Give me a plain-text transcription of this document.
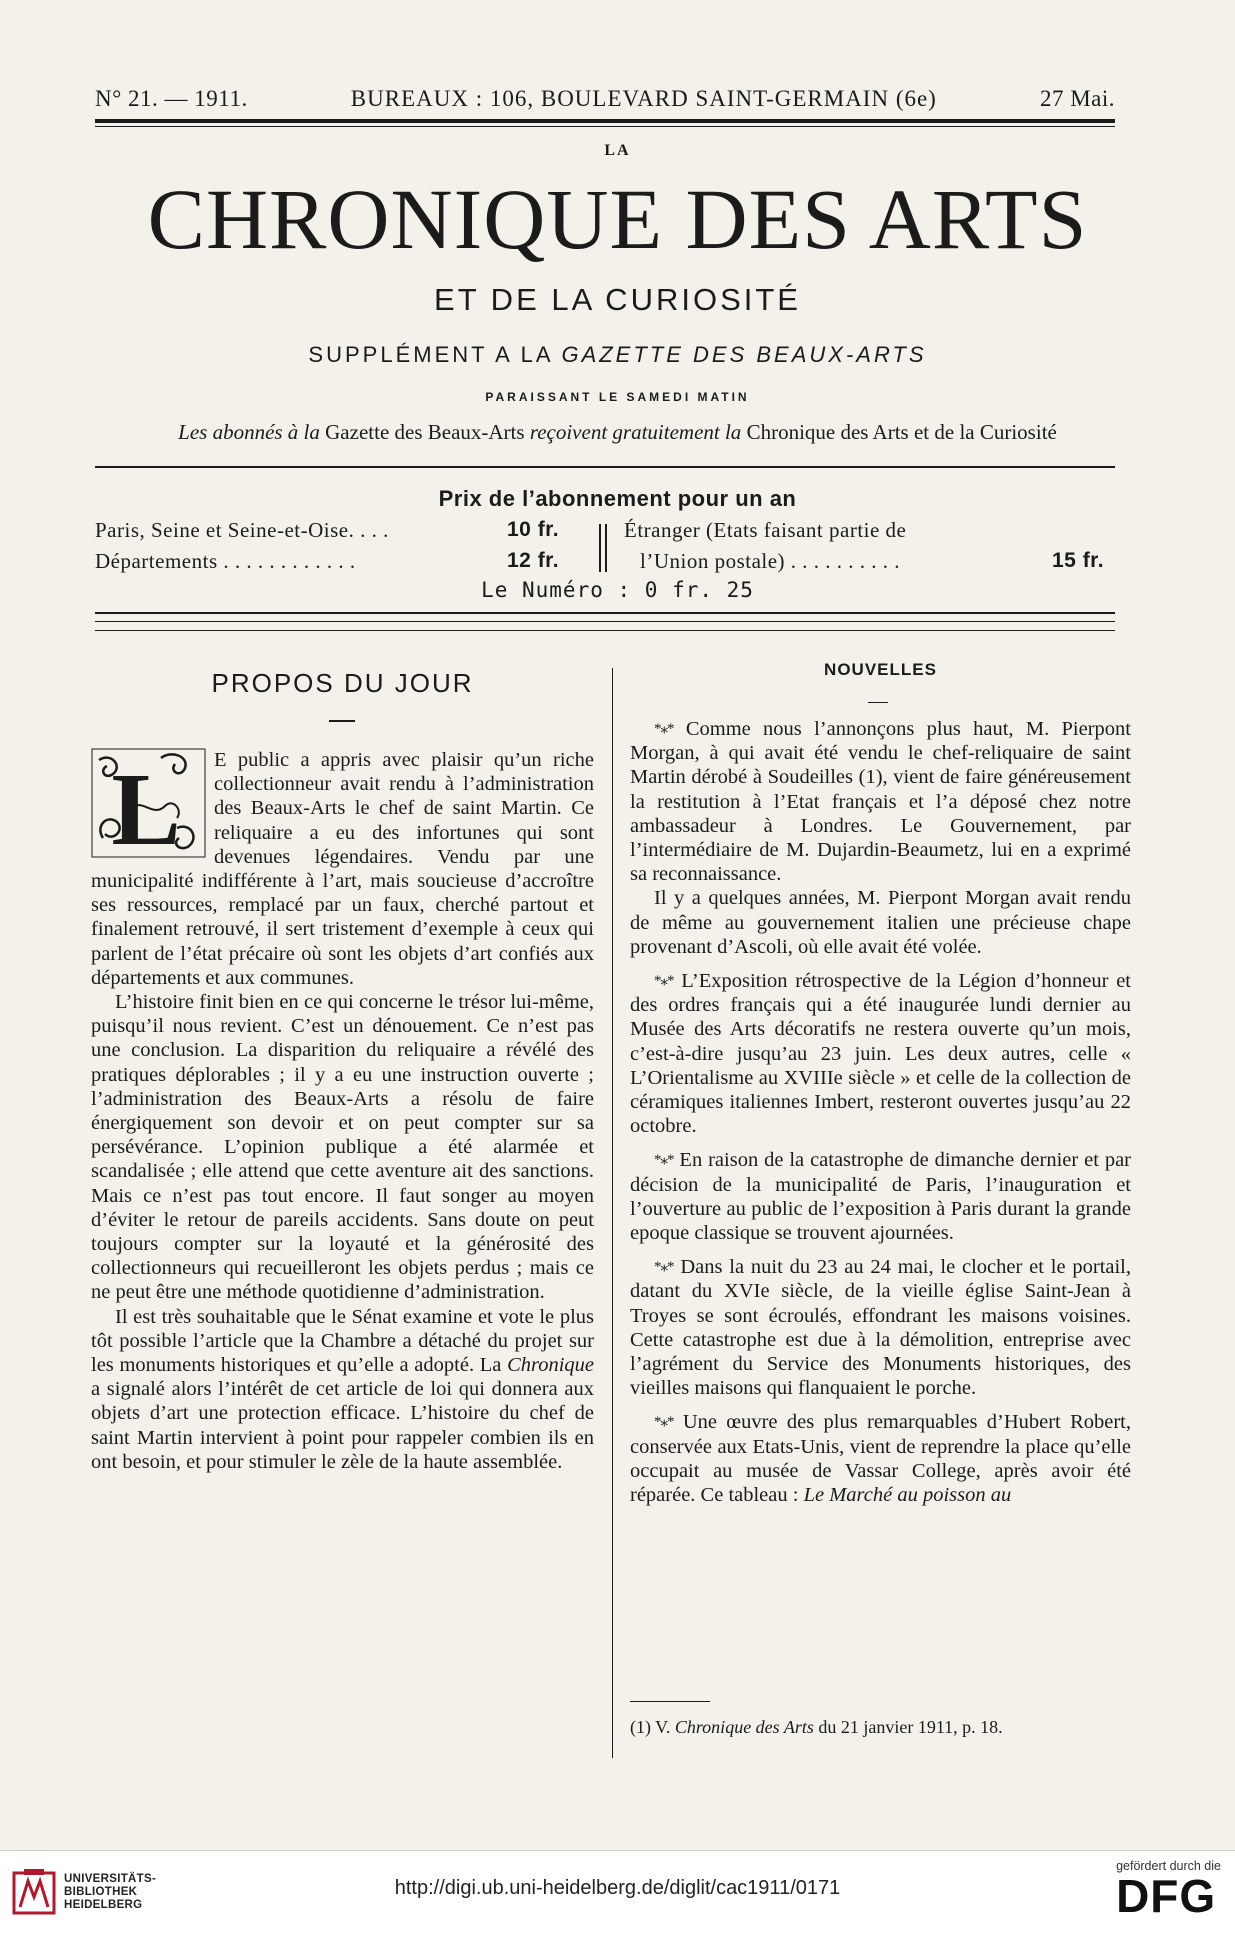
N° 21. — 1911.	BUREAUX : 106, BOULEVARD SAINT-GERMAIN (6e)	27 Mai.
LA
CHRONIQUE DES ARTS
ET DE LA CURIOSITÉ
SUPPLÉMENT A LA GAZETTE DES BEAUX-ARTS
PARAISSANT LE SAMEDI MATIN
Les abonnés à la Gazette des Beaux-Arts reçoivent gratuitement la Chronique des Arts et de la Curiosité
Prix de l’abonnement pour un an
Paris, Seine et Seine-et-Oise. . . .	10 fr.
Départements . . . . . . . . . . . .	12 fr.
Étranger (Etats faisant partie de
l’Union postale) . . . . . . . . . .	15 fr.
Le Numéro : 0 fr. 25
PROPOS DU JOUR

L E public a appris avec plaisir qu’un riche collectionneur avait rendu à l’administration des Beaux-Arts le chef de saint Martin. Ce reliquaire a eu des infortunes qui sont devenues légendaires. Vendu par une municipalité indifférente à l’art, mais soucieuse d’accroître ses ressources, remplacé par un faux, cherché partout et finalement retrouvé, il sert tristement d’exemple à ceux qui parlent de l’état précaire où sont les objets d’art confiés aux départements et aux communes.

L’histoire finit bien en ce qui concerne le trésor lui-même, puisqu’il nous revient. C’est un dénouement. Ce n’est pas une conclusion. La disparition du reliquaire a révélé des pratiques déplorables ; il y a eu une instruction ouverte ; l’administration des Beaux-Arts a résolu de faire énergiquement son devoir et on peut compter sur sa persévérance. L’opinion publique a été alarmée et scandalisée ; elle attend que cette aventure ait des sanctions. Mais ce n’est pas tout encore. Il faut songer au moyen d’éviter le retour de pareils accidents. Sans doute on peut toujours compter sur la loyauté et la générosité des collectionneurs qui recueilleront les objets perdus ; mais ce ne peut être une méthode quotidienne d’administration.

Il est très souhaitable que le Sénat examine et vote le plus tôt possible l’article que la Chambre a détaché du projet sur les monuments historiques et qu’elle a adopté. La Chronique a signalé alors l’intérêt de cet article de loi qui donnera aux objets d’art une protection efficace. L’histoire du chef de saint Martin intervient à point pour rappeler combien ils en ont besoin, et pour stimuler le zèle de la haute assemblée.

NOUVELLES

*⁎* Comme nous l’annonçons plus haut, M. Pierpont Morgan, à qui avait été vendu le chef-reliquaire de saint Martin dérobé à Soudeilles (1), vient de faire généreusement la restitution à l’Etat français et l’a déposé chez notre ambassadeur à Londres. Le Gouvernement, par l’intermédiaire de M. Dujardin-Beaumetz, lui en a exprimé sa reconnaissance.

Il y a quelques années, M. Pierpont Morgan avait rendu de même au gouvernement italien une précieuse chape provenant d’Ascoli, où elle avait été volée.

*⁎* L’Exposition rétrospective de la Légion d’honneur et des ordres français qui a été inaugurée lundi dernier au Musée des Arts décoratifs ne restera ouverte qu’un mois, c’est-à-dire jusqu’au 23 juin. Les deux autres, celle « L’Orientalisme au XVIIIe siècle » et celle de la collection de céramiques italiennes Imbert, resteront ouvertes jusqu’au 22 octobre.

*⁎* En raison de la catastrophe de dimanche dernier et par décision de la municipalité de Paris, l’inauguration et l’ouverture au public de l’exposition à Paris durant la grande epoque classique se trouvent ajournées.

*⁎* Dans la nuit du 23 au 24 mai, le clocher et le portail, datant du XVIe siècle, de la vieille église Saint-Jean à Troyes se sont écroulés, effondrant les maisons voisines. Cette catastrophe est due à la démolition, entreprise avec l’agrément du Service des Monuments historiques, des vieilles maisons qui flanquaient le porche.

*⁎* Une œuvre des plus remarquables d’Hubert Robert, conservée aux Etats-Unis, vient de reprendre la place qu’elle occupait au musée de Vassar College, après avoir été réparée. Ce tableau : Le Marché au poisson au

(1) V. Chronique des Arts du 21 janvier 1911, p. 18.
UNIVERSITÄTS-
BIBLIOTHEK
HEIDELBERG
http://digi.ub.uni-heidelberg.de/diglit/cac1911/0171
gefördert durch die
DFG
